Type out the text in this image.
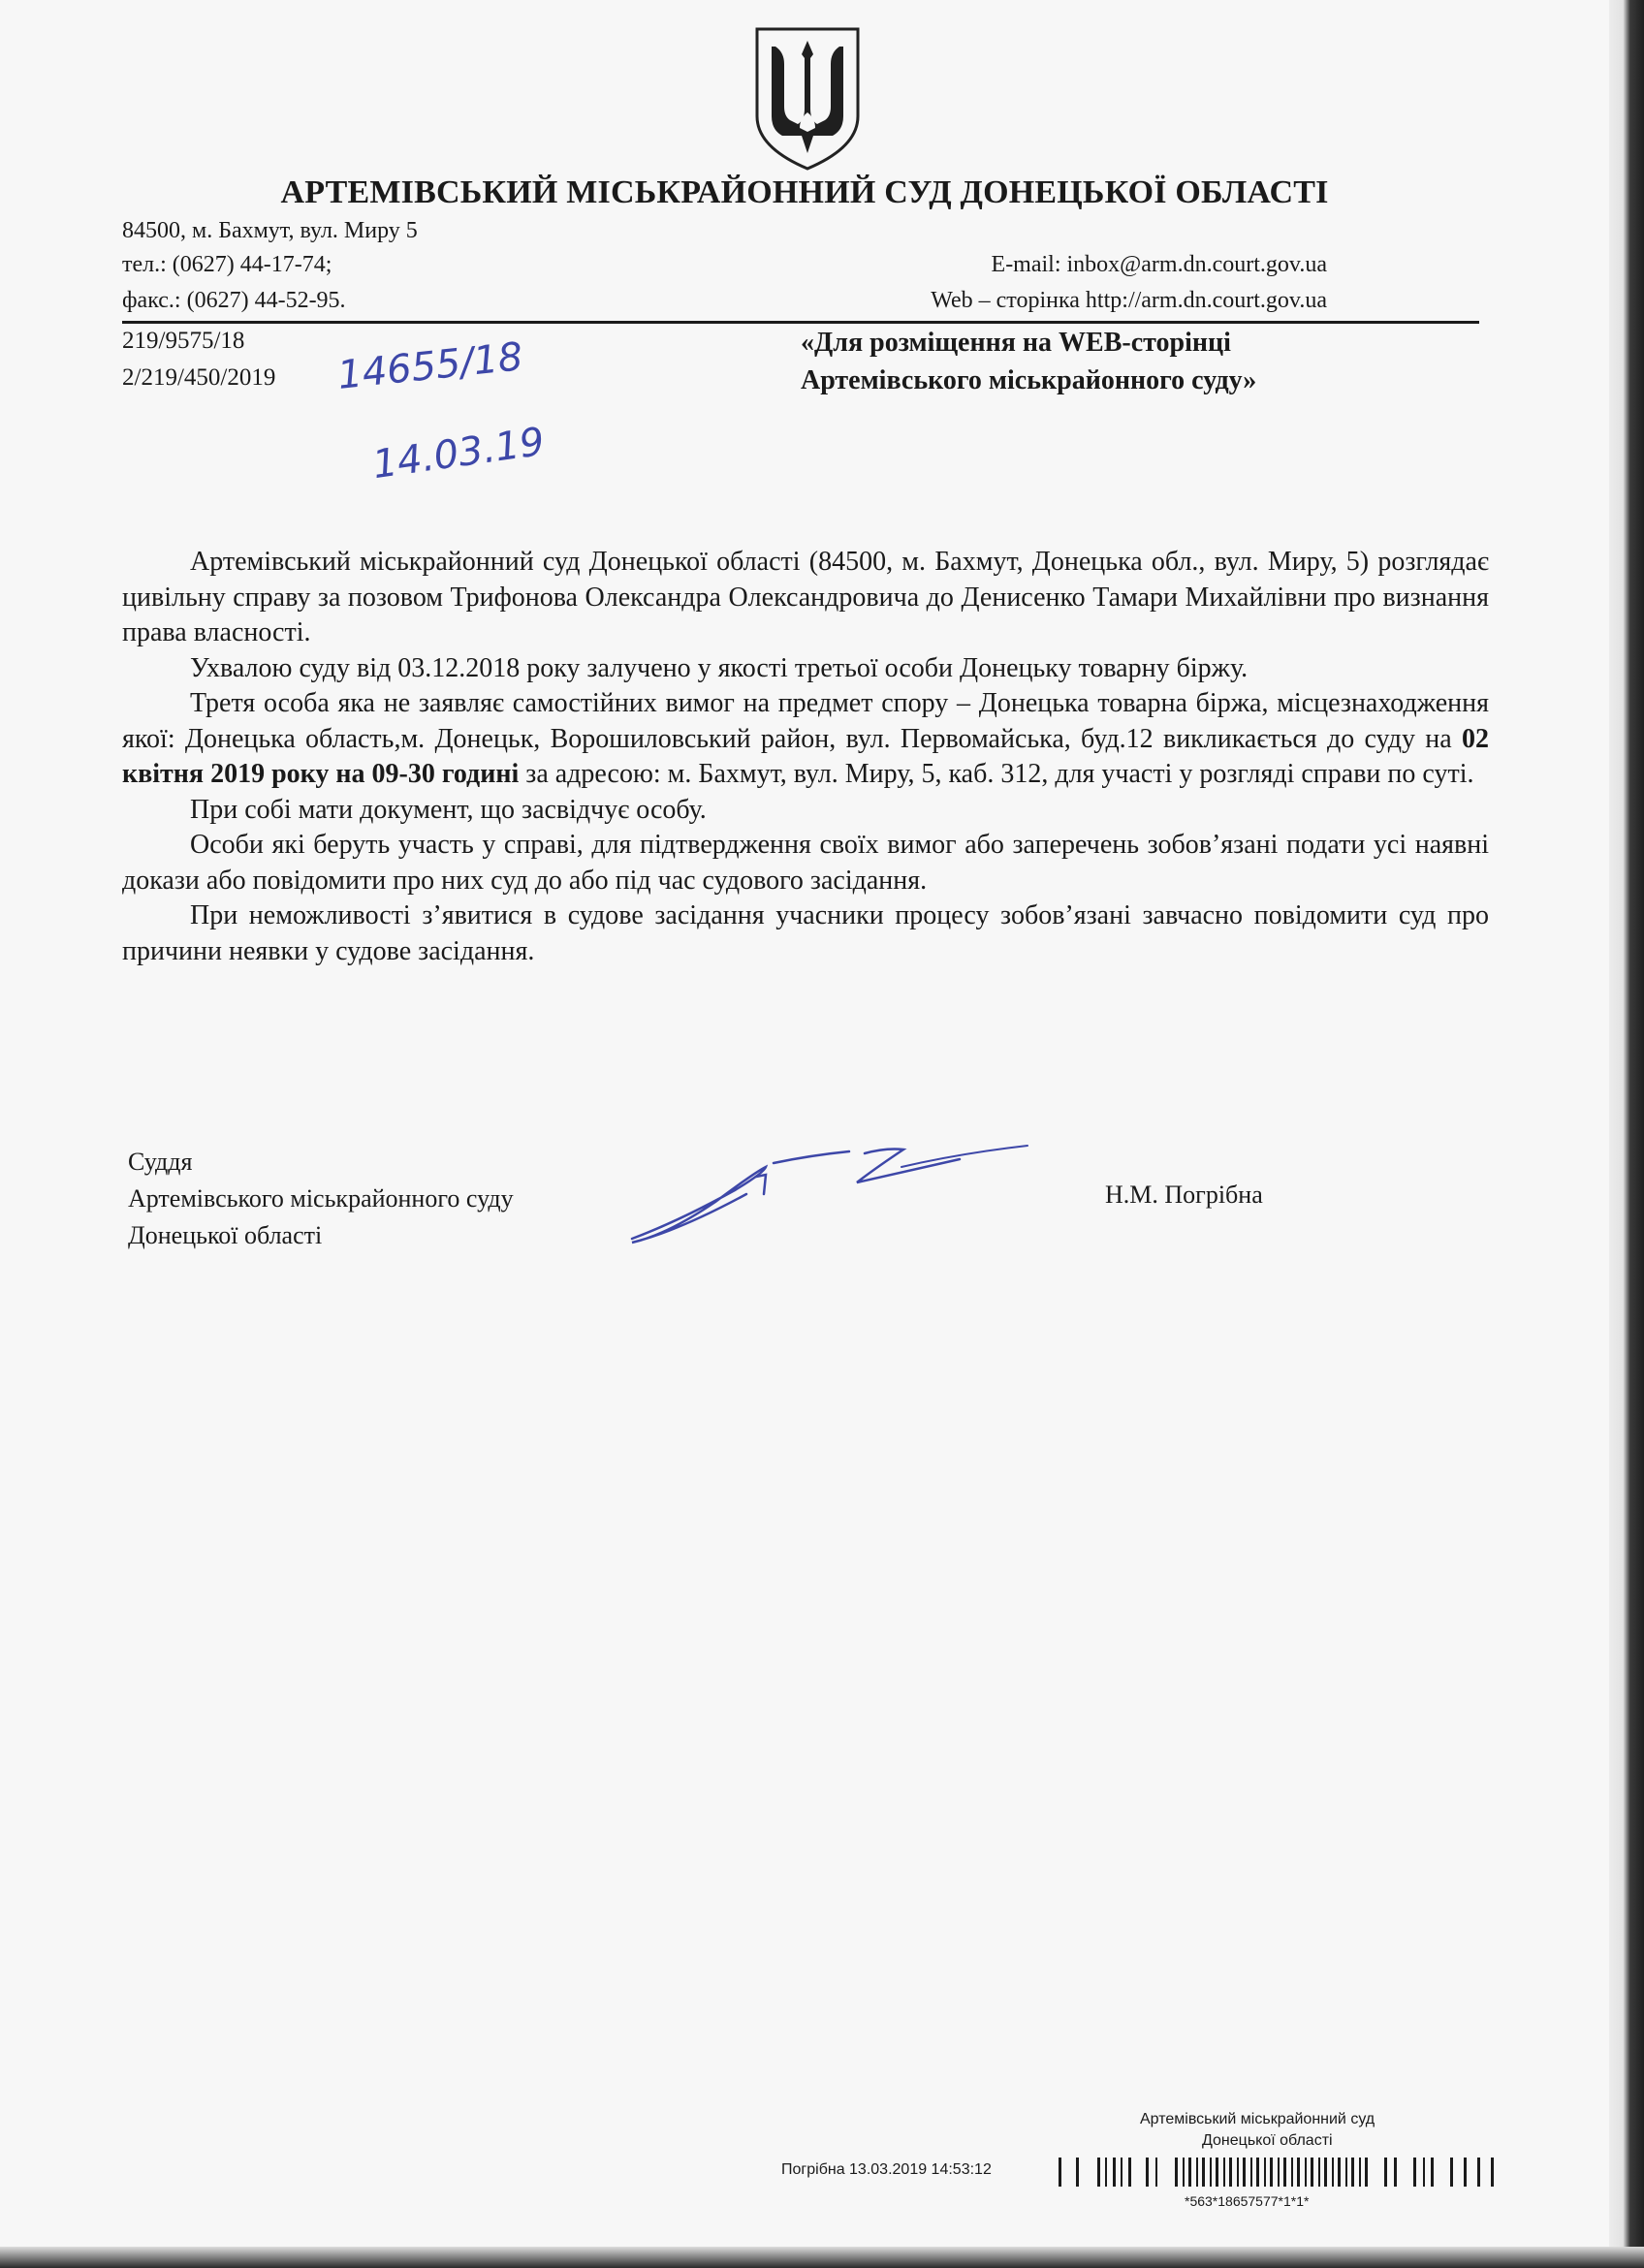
АРТЕМІВСЬКИЙ МІСЬКРАЙОННИЙ СУД ДОНЕЦЬКОЇ ОБЛАСТІ
84500, м. Бахмут, вул. Миру 5
тел.: (0627) 44-17-74;
факс.: (0627) 44-52-95.
E-mail: inbox@arm.dn.court.gov.ua
Web – сторінка http://arm.dn.court.gov.ua
219/9575/18
2/219/450/2019 14655/18
14.03.19
«Для розміщення на WEB-сторінці
Артемівського міськрайонного суду»

Артемівський міськрайонний суд Донецької області (84500, м. Бахмут, Донецька обл., вул. Миру, 5) розглядає цивільну справу за позовом Трифонова Олександра Олександровича до Денисенко Тамари Михайлівни про визнання права власності.

Ухвалою суду від 03.12.2018 року залучено у якості третьої особи Донецьку товарну біржу.

Третя особа яка не заявляє самостійних вимог на предмет спору – Донецька товарна біржа, місцезнаходження якої: Донецька область,м. Донецьк, Ворошиловський район, вул. Первомайська, буд.12 викликається до суду на 02 квітня 2019 року на 09-30 годині за адресою: м. Бахмут, вул. Миру, 5, каб. 312, для участі у розгляді справи по суті.

При собі мати документ, що засвідчує особу.

Особи які беруть участь у справі, для підтвердження своїх вимог або заперечень зобов’язані подати усі наявні докази або повідомити про них суд до або під час судового засідання.

При неможливості з’явитися в судове засідання учасники процесу зобов’язані завчасно повідомити суд про причини неявки у судове засідання.

Суддя
Артемівського міськрайонного суду
Донецької області
Н.М. Погрібна
Артемівський міськрайонний суд
Донецької області
Погрібна 13.03.2019 14:53:12
*563*18657577*1*1*
